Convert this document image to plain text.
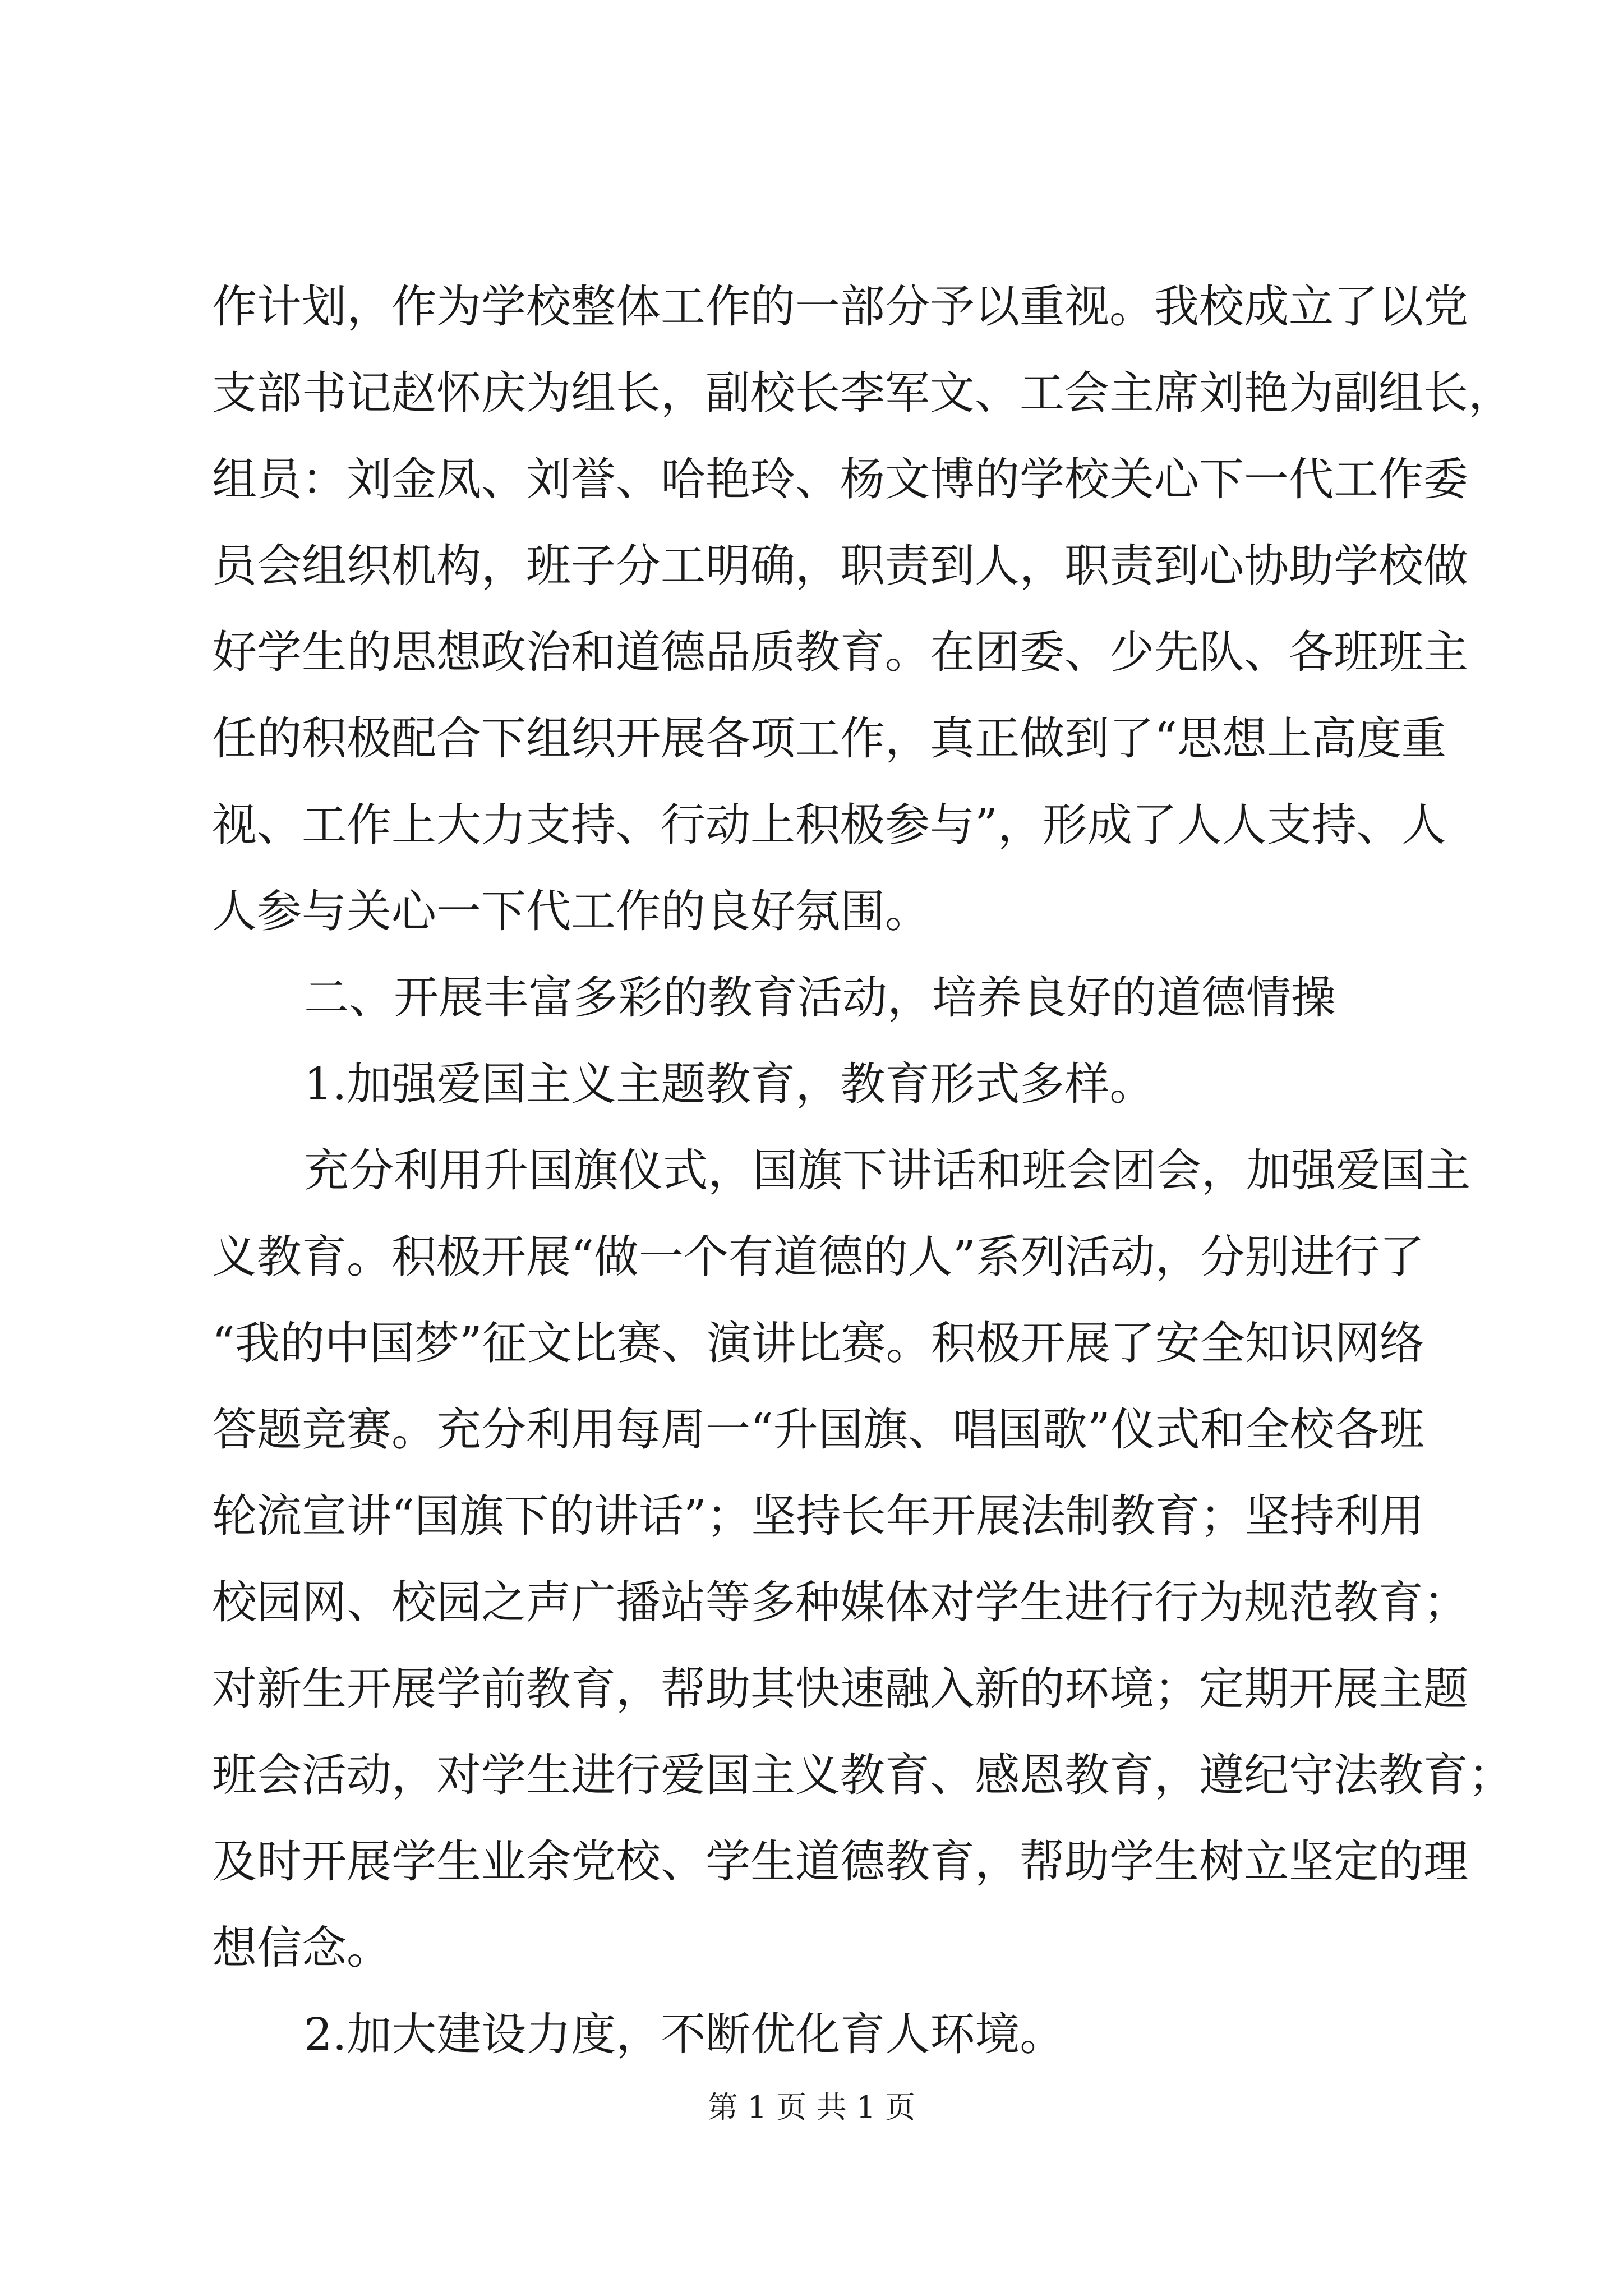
作计划，作为学校整体工作的一部分予以重视。我校成立了以党
支部书记赵怀庆为组长，副校长李军文、工会主席刘艳为副组长，
组员：刘金凤、刘誉、哈艳玲、杨文博的学校关心下一代工作委
员会组织机构，班子分工明确，职责到人，职责到心协助学校做
好学生的思想政治和道德品质教育。在团委、少先队、各班班主
任的积极配合下组织开展各项工作，真正做到了“思想上高度重
视、工作上大力支持、行动上积极参与”，形成了人人支持、人
人参与关心一下代工作的良好氛围。
二、开展丰富多彩的教育活动，培养良好的道德情操
1.加强爱国主义主题教育，教育形式多样。
充分利用升国旗仪式，国旗下讲话和班会团会，加强爱国主
义教育。积极开展“做一个有道德的人”系列活动，分别进行了
“我的中国梦”征文比赛、演讲比赛。积极开展了安全知识网络
答题竞赛。充分利用每周一“升国旗、唱国歌”仪式和全校各班
轮流宣讲“国旗下的讲话”；坚持长年开展法制教育；坚持利用
校园网、校园之声广播站等多种媒体对学生进行行为规范教育；
对新生开展学前教育，帮助其快速融入新的环境；定期开展主题
班会活动，对学生进行爱国主义教育、感恩教育，遵纪守法教育；
及时开展学生业余党校、学生道德教育，帮助学生树立坚定的理
想信念。
2.加大建设力度，不断优化育人环境。
第 1 页 共 1 页
